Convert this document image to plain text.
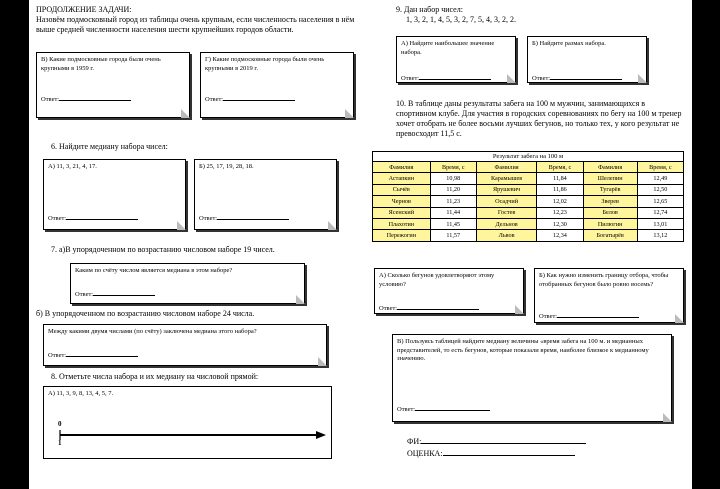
ПРОДОЛЖЕНИЕ ЗАДАЧИ:
Назовём подмосковный город из таблицы очень крупным, если численность населения в нём выше средней численности населения шести крупнейших городов области.
В) Какие подмосковные города были очень крупными в 1959 г.
Ответ:
Г) Какие подмосковные города были очень крупными в 2019 г.
Ответ:
6. Найдите медиану набора чисел:
А) 11, 3, 21, 4, 17.
Ответ:
Б) 25, 17, 19, 28, 18.
Ответ:
7. а)В упорядоченном по возрастанию числовом наборе 19 чисел.
Каким по счёту числом является медиана в этом наборе?
Ответ:
б) В упорядоченном по возрастанию числовом наборе 24 числа.
Между какими двумя числами (по счёту) заключена медиана этого набора?
Ответ:
8. Отметьте числа набора и их медиану на числовой прямой:
А) 11, 3, 9, 8, 13, 4, 5, 7.
0
1
9. Дан набор чисел:
1, 3, 2, 1, 4, 5, 3, 2, 7, 5, 4, 3, 2, 2.
А) Найдите наибольшее значение набора.
Ответ:
Б) Найдите размах набора.
Ответ:
10. В таблице даны результаты забега на 100 м мужчин, занимающихся в спортивном клубе. Для участия в городских соревнованиях по бегу на 100 м тренер хочет отобрать не более восьми лучших бегунов, но только тех, у кого результат не превосходит 11,5 с.
Результат забега на 100 м
Фамилия	Время, с	Фамилия	Время, с	Фамилия	Время, с
Астапкин	10,98	Карамышев	11,84	Шелепин	12,49
Сычёв	11,20	Ярушевич	11,86	Тугарёв	12,50
Чернов	11,23	Осадчий	12,02	Зверев	12,65
Ясенский	11,44	Гостев	12,23	Белов	12,74
Плахотин	11,45	Дельнов	12,30	Пилюгин	13,01
Пережогин	11,57	Львов	12,34	Богатырёв	13,12
А) Сколько бегунов удовлетворяют этому условию?
Ответ:
Б) Как нужно изменить границу отбора, чтобы отобранных бегунов было ровно восемь?
Ответ:
В) Пользуясь таблицей найдите медиану величины «время забега на 100 м. и медианных представителей, то есть бегунов, которые показали время, наиболее близкое к медианному значению.
Ответ:
ФИ:
ОЦЕНКА:
